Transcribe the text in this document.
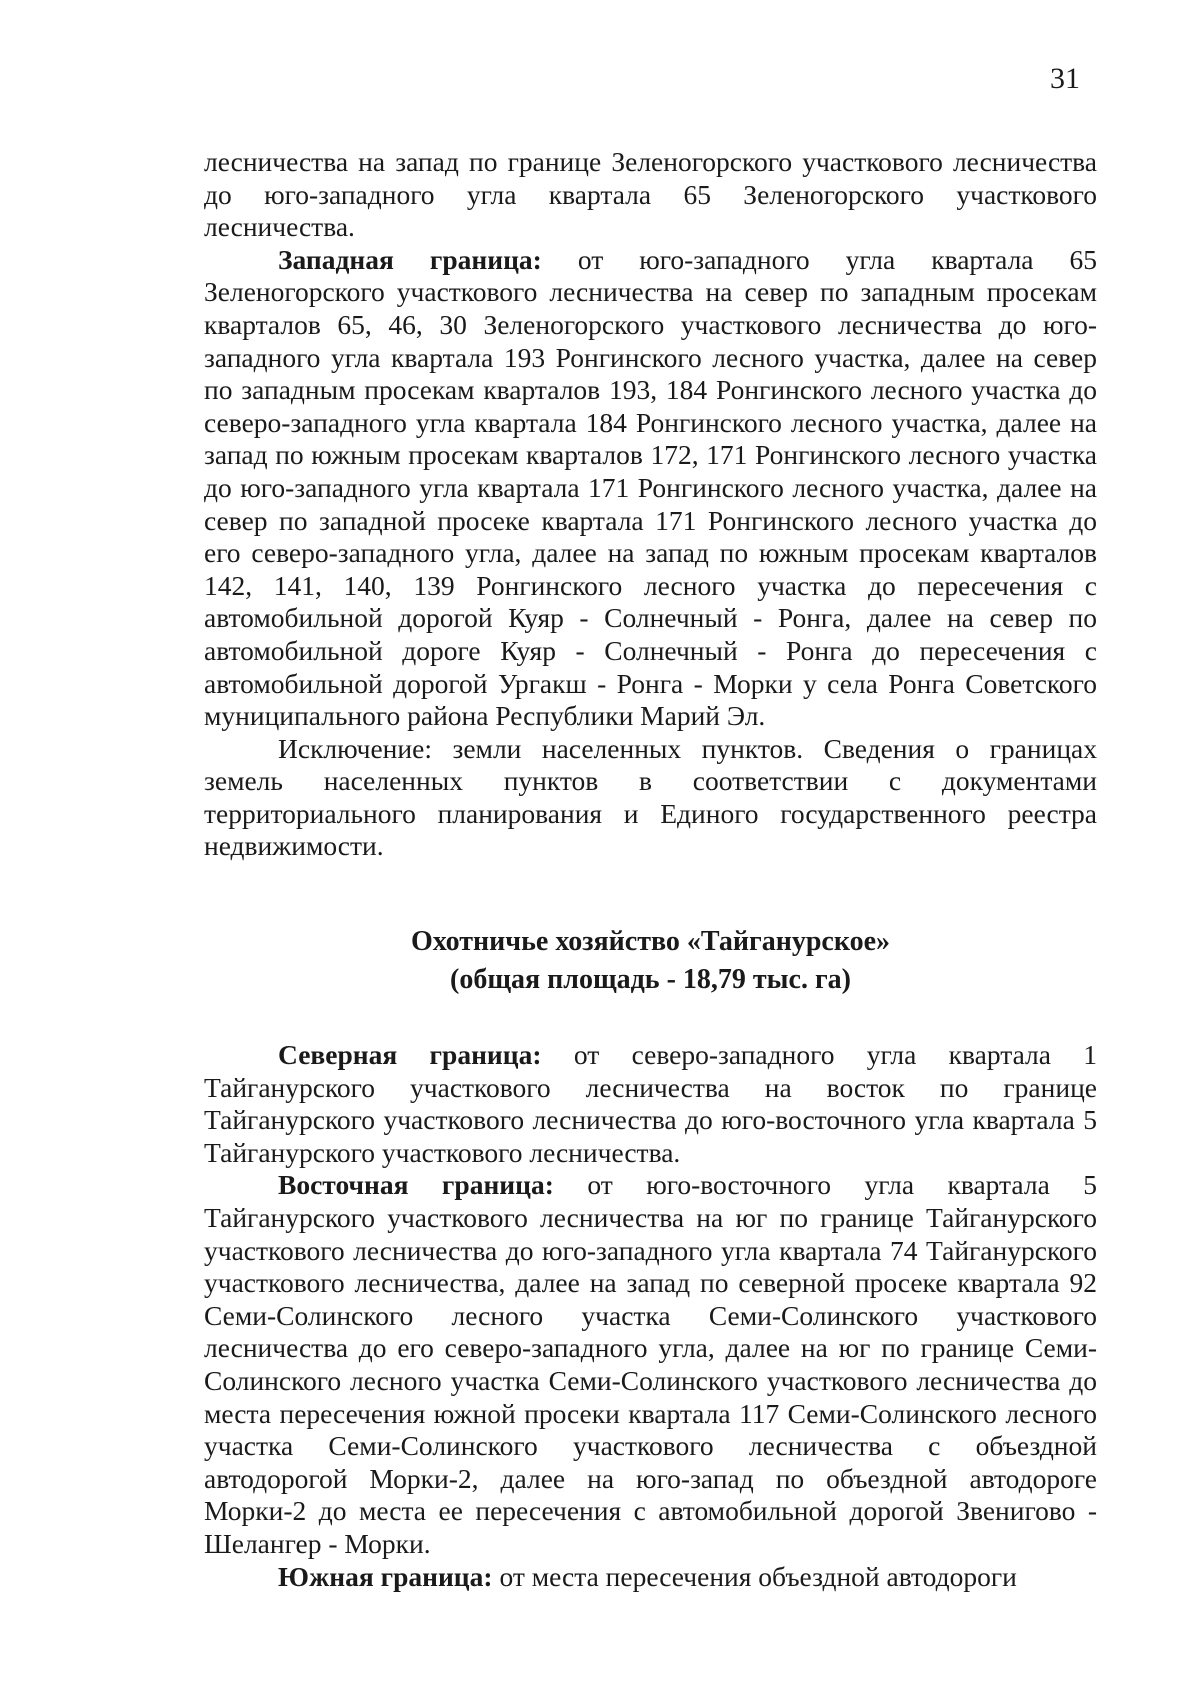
31

лесничества на запад по границе Зеленогорского участкового лесничества до юго-западного угла квартала 65 Зеленогорского участкового лесничества.

Западная граница: от юго-западного угла квартала 65 Зеленогорского участкового лесничества на север по западным просекам кварталов 65, 46, 30 Зеленогорского участкового лесничества до юго-западного угла квартала 193 Ронгинского лесного участка, далее на север по западным просекам кварталов 193, 184 Ронгинского лесного участка до северо-западного угла квартала 184 Ронгинского лесного участка, далее на запад по южным просекам кварталов 172, 171 Ронгинского лесного участка до юго-западного угла квартала 171 Ронгинского лесного участка, далее на север по западной просеке квартала 171 Ронгинского лесного участка до его северо-западного угла, далее на запад по южным просекам кварталов 142, 141, 140, 139 Ронгинского лесного участка до пересечения с автомобильной дорогой Куяр - Солнечный - Ронга, далее на север по автомобильной дороге Куяр - Солнечный - Ронга до пересечения с автомобильной дорогой Ургакш - Ронга - Морки у села Ронга Советского муниципального района Республики Марий Эл.

Исключение: земли населенных пунктов. Сведения о границах земель населенных пунктов в соответствии с документами территориального планирования и Единого государственного реестра недвижимости.

Охотничье хозяйство «Тайганурское»
(общая площадь - 18,79 тыс. га)

Северная граница: от северо-западного угла квартала 1 Тайганурского участкового лесничества на восток по границе Тайганурского участкового лесничества до юго-восточного угла квартала 5 Тайганурского участкового лесничества.

Восточная граница: от юго-восточного угла квартала 5 Тайганурского участкового лесничества на юг по границе Тайганурского участкового лесничества до юго-западного угла квартала 74 Тайганурского участкового лесничества, далее на запад по северной просеке квартала 92 Семи-Солинского лесного участка Семи-Солинского участкового лесничества до его северо-западного угла, далее на юг по границе Семи-Солинского лесного участка Семи-Солинского участкового лесничества до места пересечения южной просеки квартала 117 Семи-Солинского лесного участка Семи-Солинского участкового лесничества с объездной автодорогой Морки-2, далее на юго-запад по объездной автодороге Морки-2 до места ее пересечения с автомобильной дорогой Звенигово - Шелангер - Морки.

Южная граница: от места пересечения объездной автодороги
